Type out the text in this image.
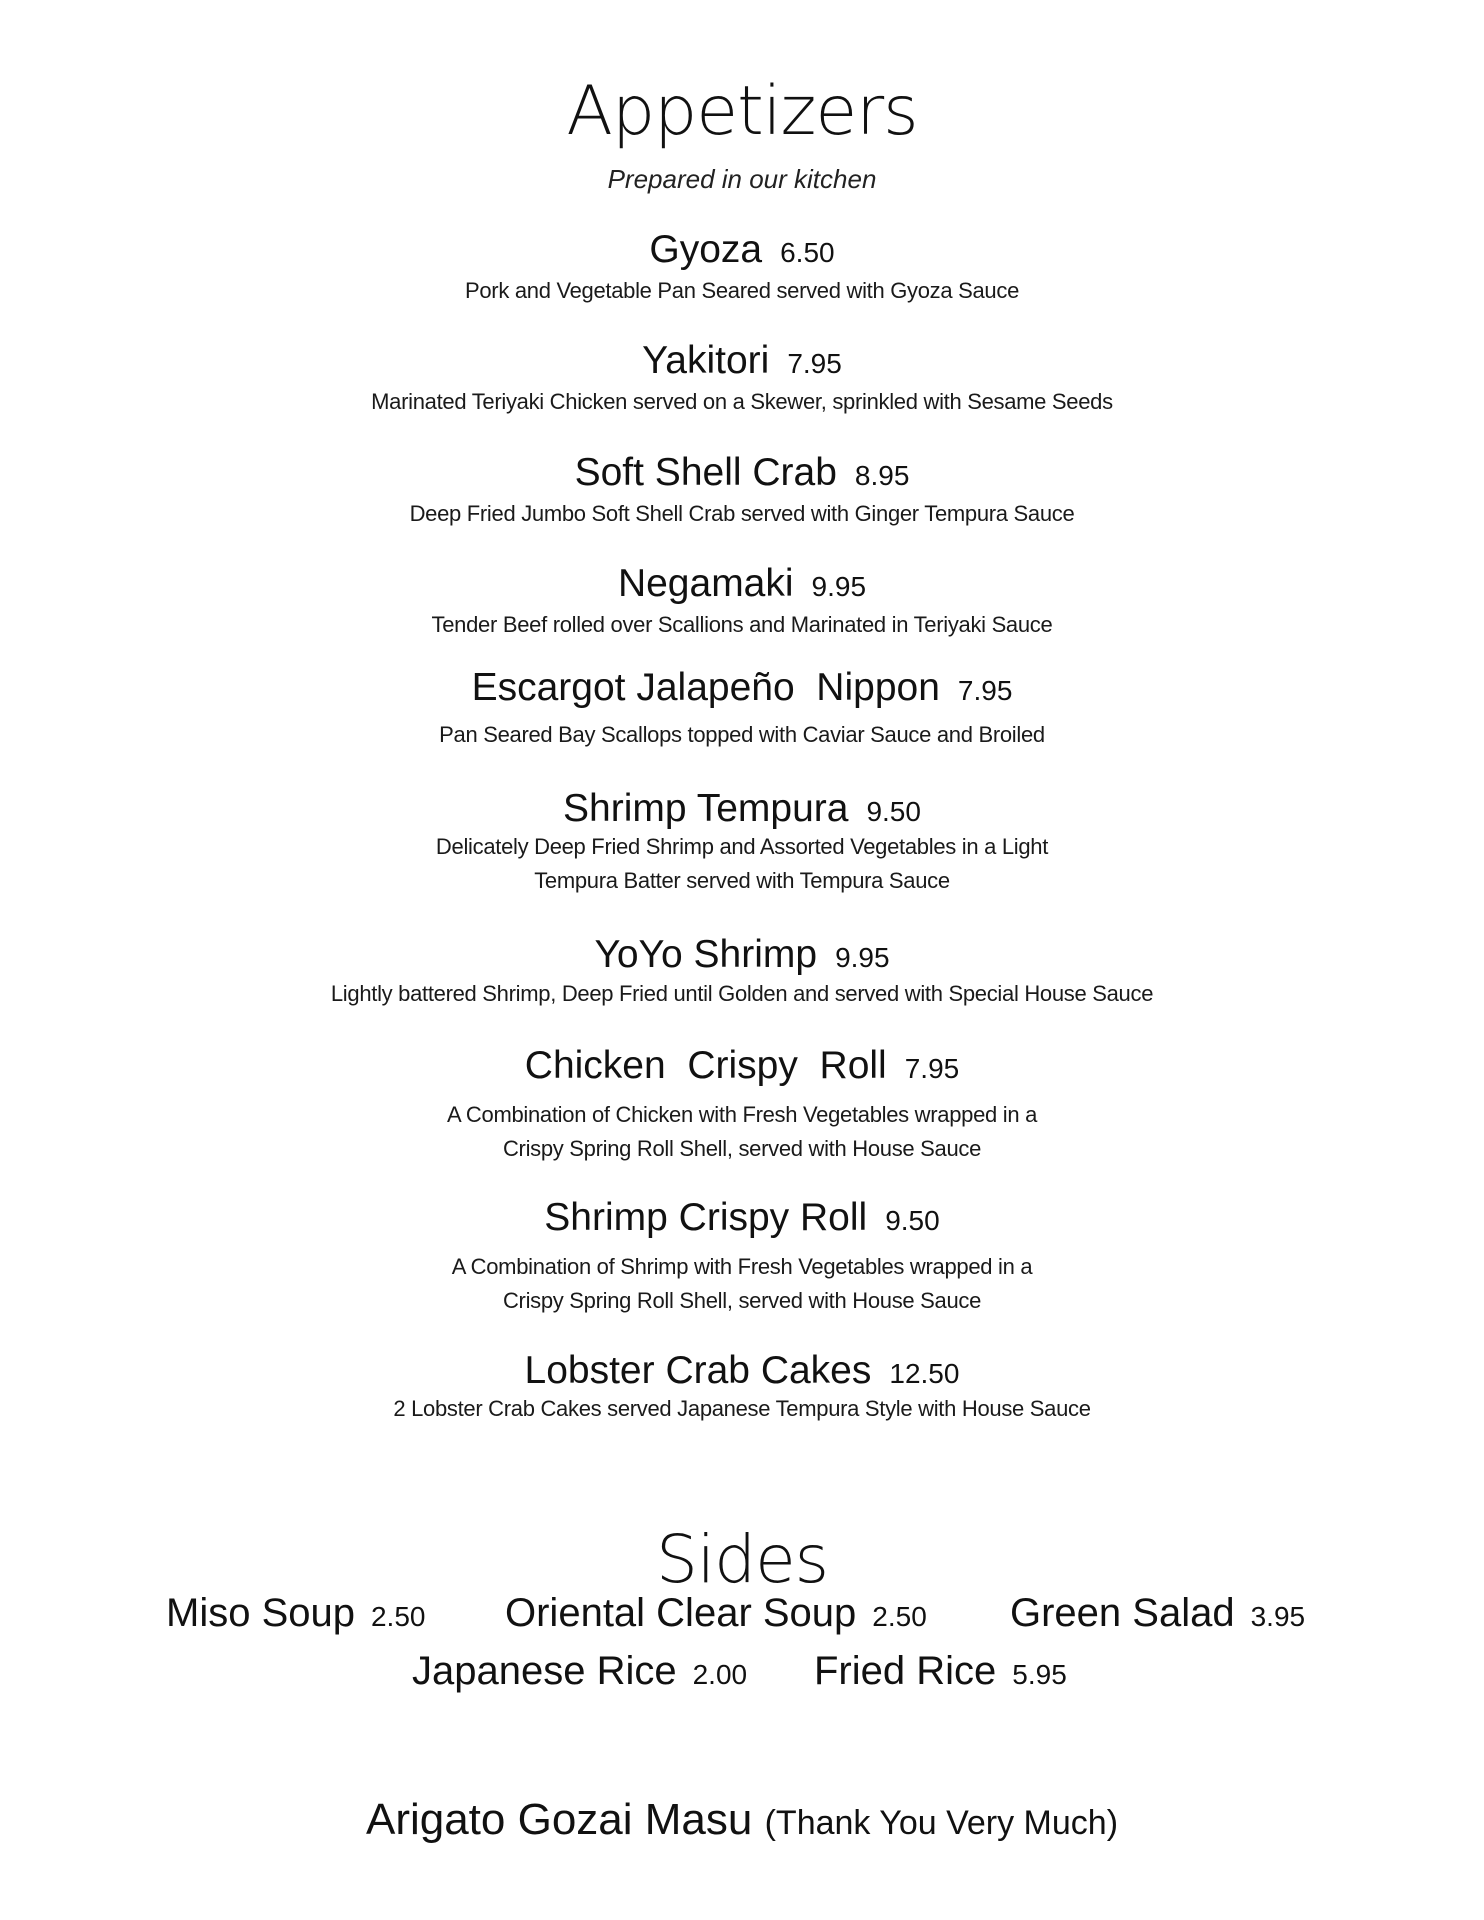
Appetizers
Prepared in our kitchen
Gyoza 6.50
Pork and Vegetable Pan Seared served with Gyoza Sauce
Yakitori 7.95
Marinated Teriyaki Chicken served on a Skewer, sprinkled with Sesame Seeds
Soft Shell Crab 8.95
Deep Fried Jumbo Soft Shell Crab served with Ginger Tempura Sauce
Negamaki 9.95
Tender Beef rolled over Scallions and Marinated in Teriyaki Sauce
Escargot Jalapeño  Nippon 7.95
Pan Seared Bay Scallops topped with Caviar Sauce and Broiled
Shrimp Tempura 9.50
Delicately Deep Fried Shrimp and Assorted Vegetables in a Light
Tempura Batter served with Tempura Sauce
YoYo Shrimp 9.95
Lightly battered Shrimp, Deep Fried until Golden and served with Special House Sauce
Chicken  Crispy  Roll 7.95
A Combination of Chicken with Fresh Vegetables wrapped in a
Crispy Spring Roll Shell, served with House Sauce
Shrimp Crispy Roll 9.50
A Combination of Shrimp with Fresh Vegetables wrapped in a
Crispy Spring Roll Shell, served with House Sauce
Lobster Crab Cakes 12.50
2 Lobster Crab Cakes served Japanese Tempura Style with House Sauce
Sides
Miso Soup 2.50 Oriental Clear Soup 2.50 Green Salad 3.95
Japanese Rice 2.00 Fried Rice 5.95
Arigato Gozai Masu (Thank You Very Much)
